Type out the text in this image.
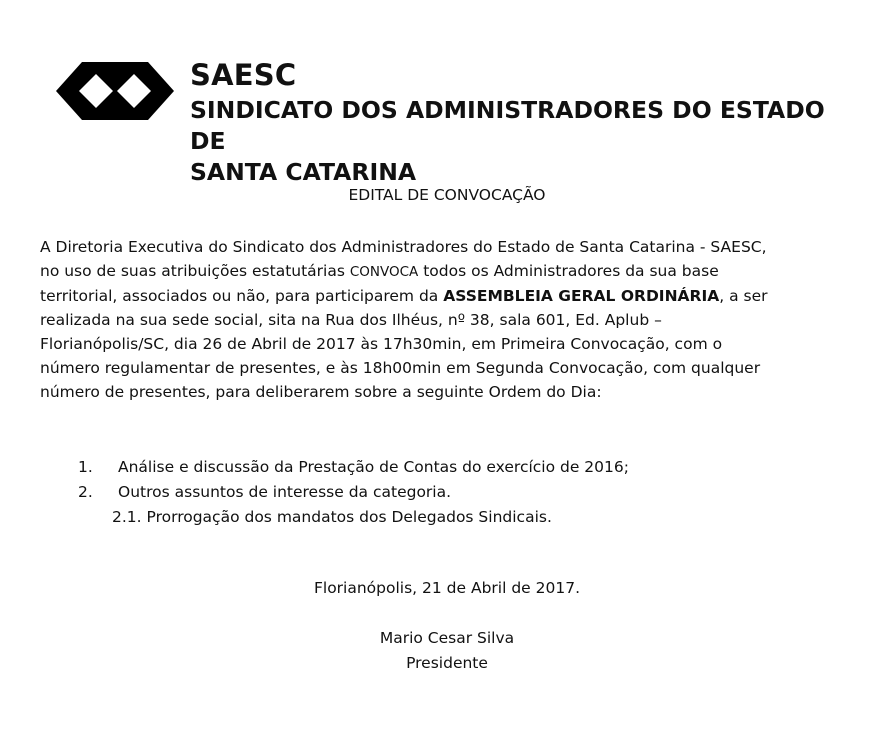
SAESC
SINDICATO DOS ADMINISTRADORES DO ESTADO DE
SANTA CATARINA
EDITAL DE CONVOCAÇÃO
A Diretoria Executiva do Sindicato dos Administradores do Estado de Santa Catarina - SAESC,
no uso de suas atribuições estatutárias CONVOCA todos os Administradores da sua base
territorial, associados ou não, para participarem da ASSEMBLEIA GERAL ORDINÁRIA, a ser
realizada na sua sede social, sita na Rua dos Ilhéus, nº 38, sala 601, Ed. Aplub –
Florianópolis/SC, dia 26 de Abril de 2017 às 17h30min, em Primeira Convocação, com o
número regulamentar de presentes, e às 18h00min em Segunda Convocação, com qualquer
número de presentes, para deliberarem sobre a seguinte Ordem do Dia:
1. Análise e discussão da Prestação de Contas do exercício de 2016;
2. Outros assuntos de interesse da categoria.
2.1. Prorrogação dos mandatos dos Delegados Sindicais.
Florianópolis, 21 de Abril de 2017.
Mario Cesar Silva
Presidente
